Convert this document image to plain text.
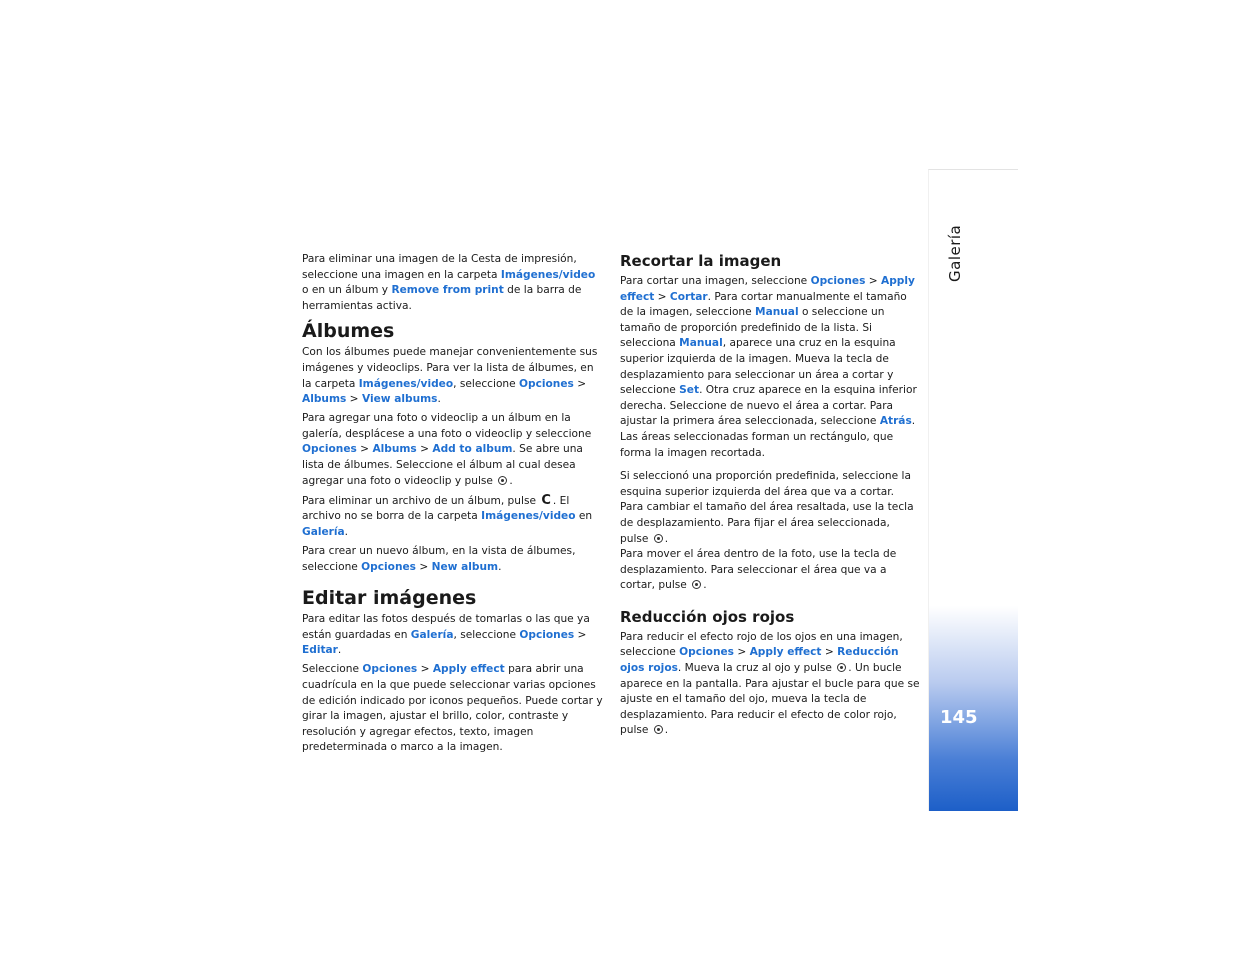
Galería
145

Para eliminar una imagen de la Cesta de impresión, seleccione una imagen en la carpeta Imágenes/video o en un álbum y Remove from print de la barra de herramientas activa.

Álbumes

Con los álbumes puede manejar convenientemente sus imágenes y videoclips. Para ver la lista de álbumes, en la carpeta Imágenes/video, seleccione Opciones > Albums > View albums.

Para agregar una foto o videoclip a un álbum en la galería, desplácese a una foto o videoclip y seleccione Opciones > Albums > Add to album. Se abre una lista de álbumes. Seleccione el álbum al cual desea agregar una foto o videoclip y pulse .

Para eliminar un archivo de un álbum, pulse C . El archivo no se borra de la carpeta Imágenes/video en Galería.

Para crear un nuevo álbum, en la vista de álbumes, seleccione Opciones > New album.

Editar imágenes

Para editar las fotos después de tomarlas o las que ya están guardadas en Galería, seleccione Opciones > Editar.

Seleccione Opciones > Apply effect para abrir una cuadrícula en la que puede seleccionar varias opciones de edición indicado por iconos pequeños. Puede cortar y girar la imagen, ajustar el brillo, color, contraste y resolución y agregar efectos, texto, imagen predeterminada o marco a la imagen.

Recortar la imagen

Para cortar una imagen, seleccione Opciones > Apply effect > Cortar. Para cortar manualmente el tamaño de la imagen, seleccione Manual o seleccione un tamaño de proporción predefinido de la lista. Si selecciona Manual, aparece una cruz en la esquina superior izquierda de la imagen. Mueva la tecla de desplazamiento para seleccionar un área a cortar y seleccione Set. Otra cruz aparece en la esquina inferior derecha. Seleccione de nuevo el área a cortar. Para ajustar la primera área seleccionada, seleccione Atrás. Las áreas seleccionadas forman un rectángulo, que forma la imagen recortada.

Si seleccionó una proporción predefinida, seleccione la esquina superior izquierda del área que va a cortar.

Para cambiar el tamaño del área resaltada, use la tecla de desplazamiento. Para fijar el área seleccionada, pulse .

Para mover el área dentro de la foto, use la tecla de desplazamiento. Para seleccionar el área que va a cortar, pulse .

Reducción ojos rojos

Para reducir el efecto rojo de los ojos en una imagen, seleccione Opciones > Apply effect > Reducción ojos rojos. Mueva la cruz al ojo y pulse . Un bucle aparece en la pantalla. Para ajustar el bucle para que se ajuste en el tamaño del ojo, mueva la tecla de desplazamiento. Para reducir el efecto de color rojo, pulse .
